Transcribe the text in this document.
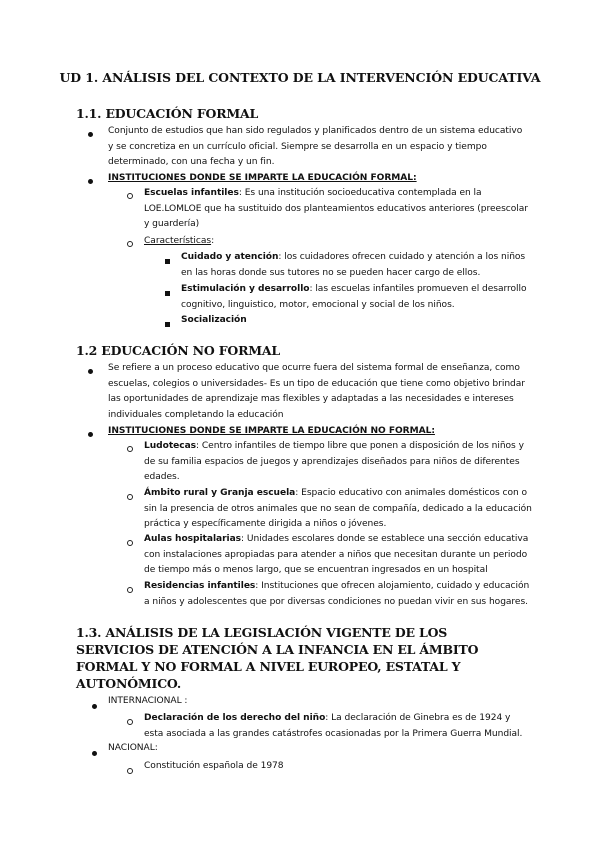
UD 1. ANÁLISIS DEL CONTEXTO DE LA INTERVENCIÓN EDUCATIVA
1.1. EDUCACIÓN FORMAL
Conjunto de estudios que han sido regulados y planificados dentro de un sistema educativo y se concretiza en un currículo oficial. Siempre se desarrolla en un espacio y tiempo determinado, con una fecha y un fin.
INSTITUCIONES DONDE SE IMPARTE LA EDUCACIÓN FORMAL:
Escuelas infantiles: Es una institución socioeducativa contemplada en la LOE.LOMLOE que ha sustituido dos planteamientos educativos anteriores (preescolar y guardería)
Características:
Cuidado y atención: los cuidadores ofrecen cuidado y atención a los niños en las horas donde sus tutores no se pueden hacer cargo de ellos.
Estimulación y desarrollo: las escuelas infantiles promueven el desarrollo cognitivo, linguistico, motor, emocional y social de los niños.
Socialización
1.2 EDUCACIÓN NO FORMAL
Se refiere a un proceso educativo que ocurre fuera del sistema formal de enseñanza, como escuelas, colegios o universidades- Es un tipo de educación que tiene como objetivo brindar las oportunidades de aprendizaje mas flexibles y adaptadas a las necesidades e intereses individuales completando la educación
INSTITUCIONES DONDE SE IMPARTE LA EDUCACIÓN NO FORMAL:
Ludotecas: Centro infantiles de tiempo libre que ponen a disposición de los niños y de su familia espacios de juegos y aprendizajes diseñados para niños de diferentes edades.
Ámbito rural y Granja escuela: Espacio educativo con animales domésticos con o sin la presencia de otros animales que no sean de compañía, dedicado a la educación práctica y específicamente dirigida a niños o jóvenes.
Aulas hospitalarias: Unidades escolares donde se establece una sección educativa con instalaciones apropiadas para atender a niños que necesitan durante un periodo de tiempo más o menos largo, que se encuentran ingresados en un hospital
Residencias infantiles: Instituciones que ofrecen alojamiento, cuidado y educación a niños y adolescentes que por diversas condiciones no puedan vivir en sus hogares.
1.3. ANÁLISIS DE LA LEGISLACIÓN VIGENTE DE LOS SERVICIOS DE ATENCIÓN A LA INFANCIA EN EL ÁMBITO FORMAL Y NO FORMAL A NIVEL EUROPEO, ESTATAL Y AUTONÓMICO.
INTERNACIONAL :
Declaración de los derecho del niño: La declaración de Ginebra es de 1924 y esta asociada a las grandes catástrofes ocasionadas por la Primera Guerra Mundial.
NACIONAL:
Constitución española de 1978
